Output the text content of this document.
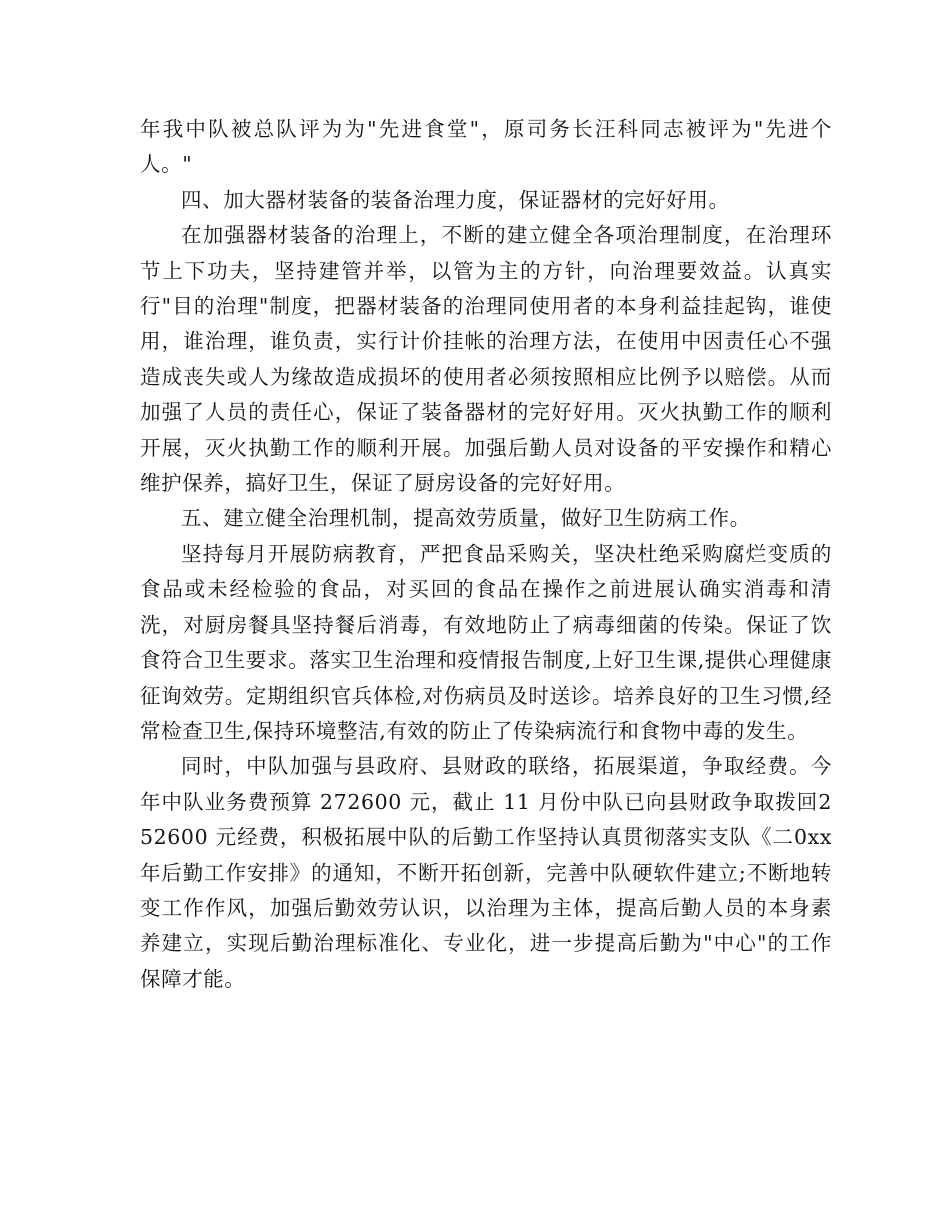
年我中队被总队评为为"先进食堂"，原司务长汪科同志被评为"先进个人。"

四、加大器材装备的装备治理力度，保证器材的完好好用。

在加强器材装备的治理上，不断的建立健全各项治理制度，在治理环节上下功夫，坚持建管并举，以管为主的方针，向治理要效益。认真实行"目的治理"制度，把器材装备的治理同使用者的本身利益挂起钩，谁使用，谁治理，谁负责，实行计价挂帐的治理方法，在使用中因责任心不强造成丧失或人为缘故造成损坏的使用者必须按照相应比例予以赔偿。从而加强了人员的责任心，保证了装备器材的完好好用。灭火执勤工作的顺利开展，灭火执勤工作的顺利开展。加强后勤人员对设备的平安操作和精心维护保养，搞好卫生，保证了厨房设备的完好好用。

五、建立健全治理机制，提高效劳质量，做好卫生防病工作。

坚持每月开展防病教育，严把食品采购关，坚决杜绝采购腐烂变质的食品或未经检验的食品，对买回的食品在操作之前进展认确实消毒和清洗，对厨房餐具坚持餐后消毒，有效地防止了病毒细菌的传染。保证了饮食符合卫生要求。落实卫生治理和疫情报告制度,上好卫生课,提供心理健康征询效劳。定期组织官兵体检,对伤病员及时送诊。培养良好的卫生习惯,经常检查卫生,保持环境整洁,有效的防止了传染病流行和食物中毒的发生。

同时，中队加强与县政府、县财政的联络，拓展渠道，争取经费。今年中队业务费预算 272600 元，截止 11 月份中队已向县财政争取拨回252600 元经费，积极拓展中队的后勤工作坚持认真贯彻落实支队《二0xx 年后勤工作安排》的通知，不断开拓创新，完善中队硬软件建立;不断地转变工作作风，加强后勤效劳认识，以治理为主体，提高后勤人员的本身素养建立，实现后勤治理标准化、专业化，进一步提高后勤为"中心"的工作保障才能。
